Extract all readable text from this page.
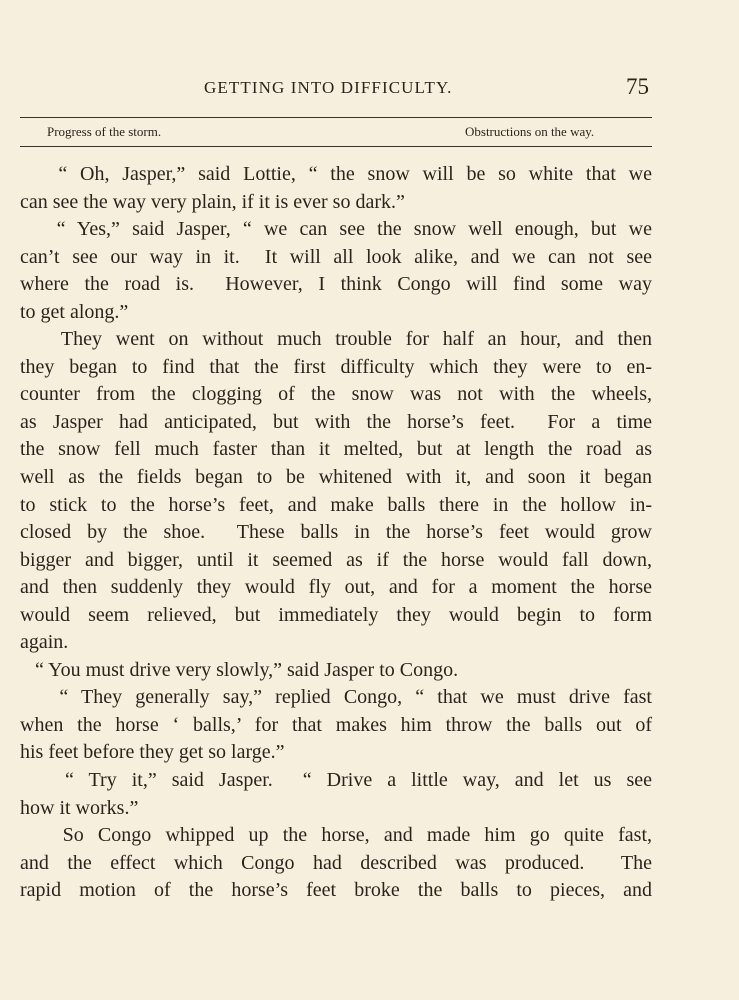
GETTING INTO DIFFICULTY.	75
Progress of the storm.	Obstructions on the way.
“ Oh, Jasper,” said Lottie, “ the snow will be so white that we
can see the way very plain, if it is ever so dark.”
“ Yes,” said Jasper, “ we can see the snow well enough, but we
can’t see our way in it.  It will all look alike, and we can not see
where the road is.  However, I think Congo will find some way
to get along.”
They went on without much trouble for half an hour, and then
they began to find that the first difficulty which they were to en-
counter from the clogging of the snow was not with the wheels,
as Jasper had anticipated, but with the horse’s feet.  For a time
the snow fell much faster than it melted, but at length the road as
well as the fields began to be whitened with it, and soon it began
to stick to the horse’s feet, and make balls there in the hollow in-
closed by the shoe.  These balls in the horse’s feet would grow
bigger and bigger, until it seemed as if the horse would fall down,
and then suddenly they would fly out, and for a moment the horse
would seem relieved, but immediately they would begin to form
again.
“ You must drive very slowly,” said Jasper to Congo.
“ They generally say,” replied Congo, “ that we must drive fast
when the horse ‘ balls,’ for that makes him throw the balls out of
his feet before they get so large.”
“ Try it,” said Jasper.  “ Drive a little way, and let us see
how it works.”
So Congo whipped up the horse, and made him go quite fast,
and the effect which Congo had described was produced.  The
rapid motion of the horse’s feet broke the balls to pieces, and
